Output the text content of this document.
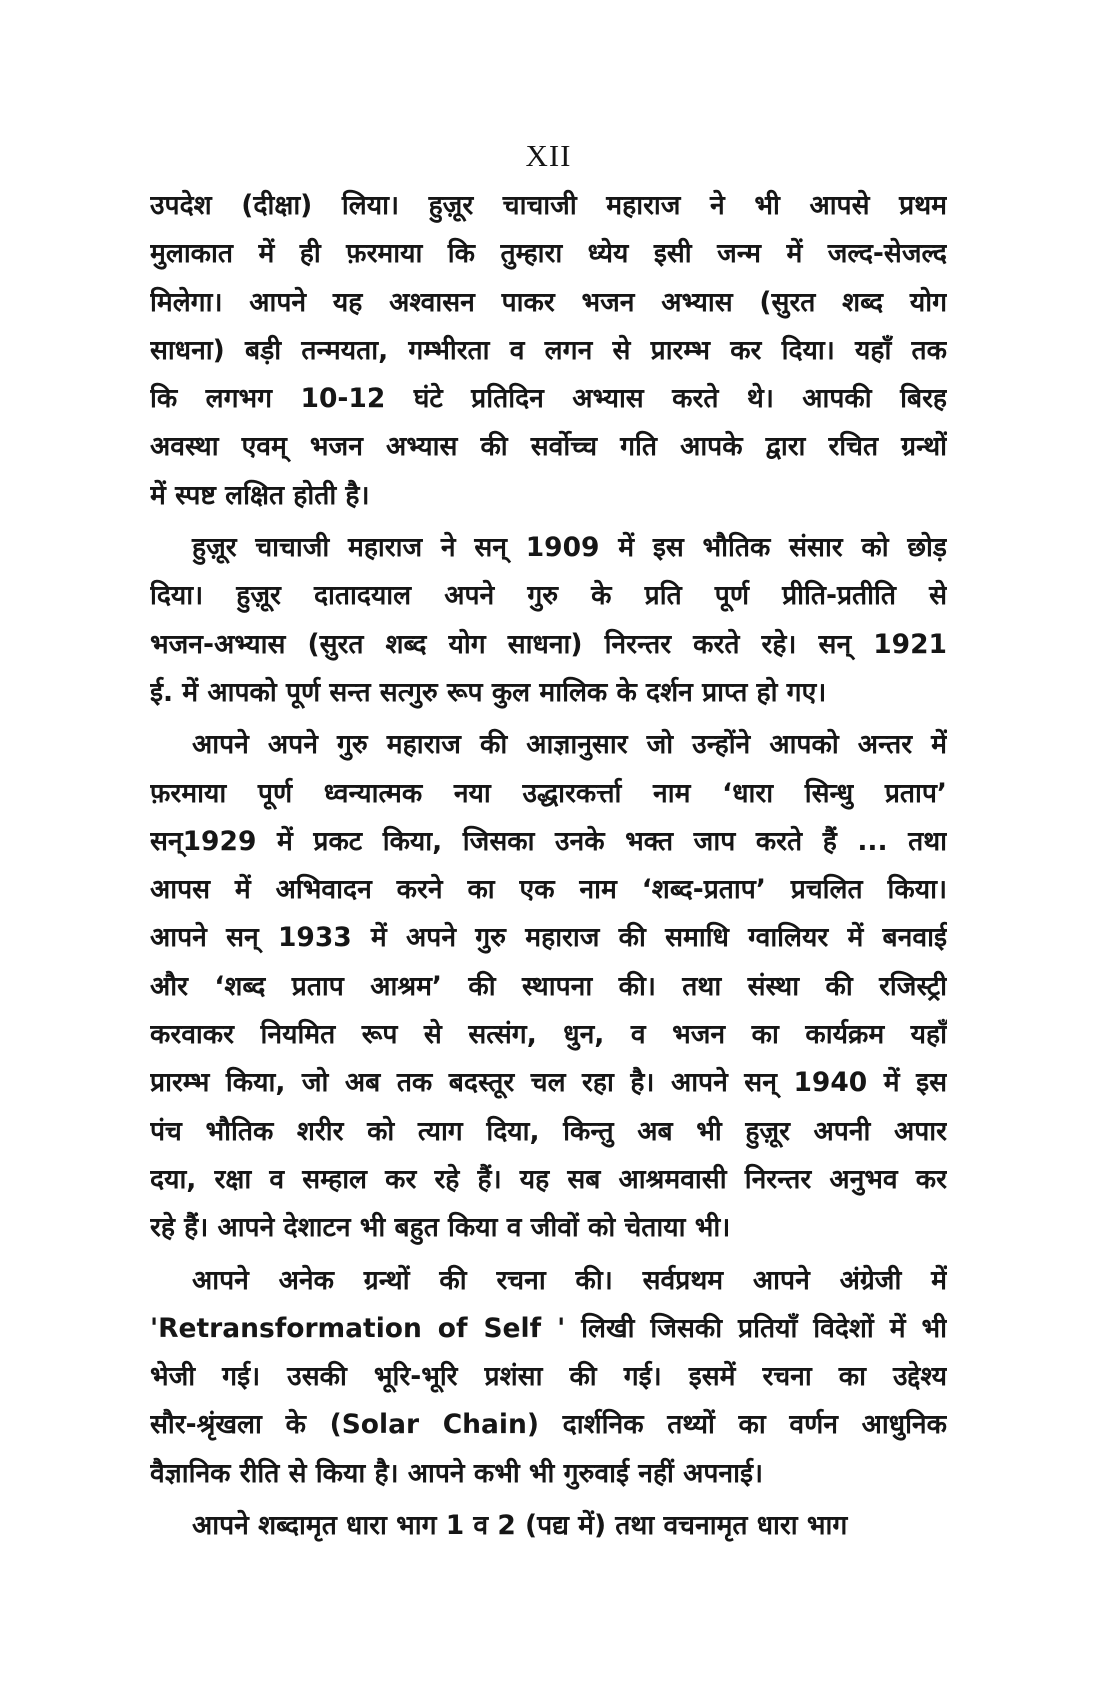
XII
उपदेश (दीक्षा) लिया। हुज़ूर चाचाजी महाराज ने भी आपसे प्रथम
मुलाकात में ही फ़रमाया कि तुम्हारा ध्येय इसी जन्म में जल्द-सेजल्द
मिलेगा। आपने यह अश्वासन पाकर भजन अभ्यास (सुरत शब्द योग
साधना) बड़ी तन्मयता, गम्भीरता व लगन से प्रारम्भ कर दिया। यहाँ तक
कि लगभग 10-12 घंटे प्रतिदिन अभ्यास करते थे। आपकी बिरह
अवस्था एवम् भजन अभ्यास की सर्वोच्च गति आपके द्वारा रचित ग्रन्थों
में स्पष्ट लक्षित होती है।
हुज़ूर चाचाजी महाराज ने सन् 1909 में इस भौतिक संसार को छोड़
दिया। हुज़ूर दातादयाल अपने गुरु के प्रति पूर्ण प्रीति-प्रतीति से
भजन-अभ्यास (सुरत शब्द योग साधना) निरन्तर करते रहे। सन् 1921
ई. में आपको पूर्ण सन्त सत्गुरु रूप कुल मालिक के दर्शन प्राप्त हो गए।
आपने अपने गुरु महाराज की आज्ञानुसार जो उन्होंने आपको अन्तर में
फ़रमाया पूर्ण ध्वन्यात्मक नया उद्धारकर्त्ता नाम ‘धारा सिन्धु प्रताप’
सन्1929 में प्रकट किया, जिसका उनके भक्त जाप करते हैं ... तथा
आपस में अभिवादन करने का एक नाम ‘शब्द-प्रताप’ प्रचलित किया।
आपने सन् 1933 में अपने गुरु महाराज की समाधि ग्वालियर में बनवाई
और ‘शब्द प्रताप आश्रम’ की स्थापना की। तथा संस्था की रजिस्ट्री
करवाकर नियमित रूप से सत्संग, धुन, व भजन का कार्यक्रम यहाँ
प्रारम्भ किया, जो अब तक बदस्तूर चल रहा है। आपने सन् 1940 में इस
पंच भौतिक शरीर को त्याग दिया, किन्तु अब भी हुज़ूर अपनी अपार
दया, रक्षा व सम्हाल कर रहे हैं। यह सब आश्रमवासी निरन्तर अनुभव कर
रहे हैं। आपने देशाटन भी बहुत किया व जीवों को चेताया भी।
आपने अनेक ग्रन्थों की रचना की। सर्वप्रथम आपने अंग्रेजी में
'Retransformation of Self ' लिखी जिसकी प्रतियाँ विदेशों में भी
भेजी गई। उसकी भूरि-भूरि प्रशंसा की गई। इसमें रचना का उद्देश्य
सौर-श्रृंखला के (Solar Chain) दार्शनिक तथ्यों का वर्णन आधुनिक
वैज्ञानिक रीति से किया है। आपने कभी भी गुरुवाई नहीं अपनाई।
आपने शब्दामृत धारा भाग 1 व 2 (पद्य में) तथा वचनामृत धारा भाग
